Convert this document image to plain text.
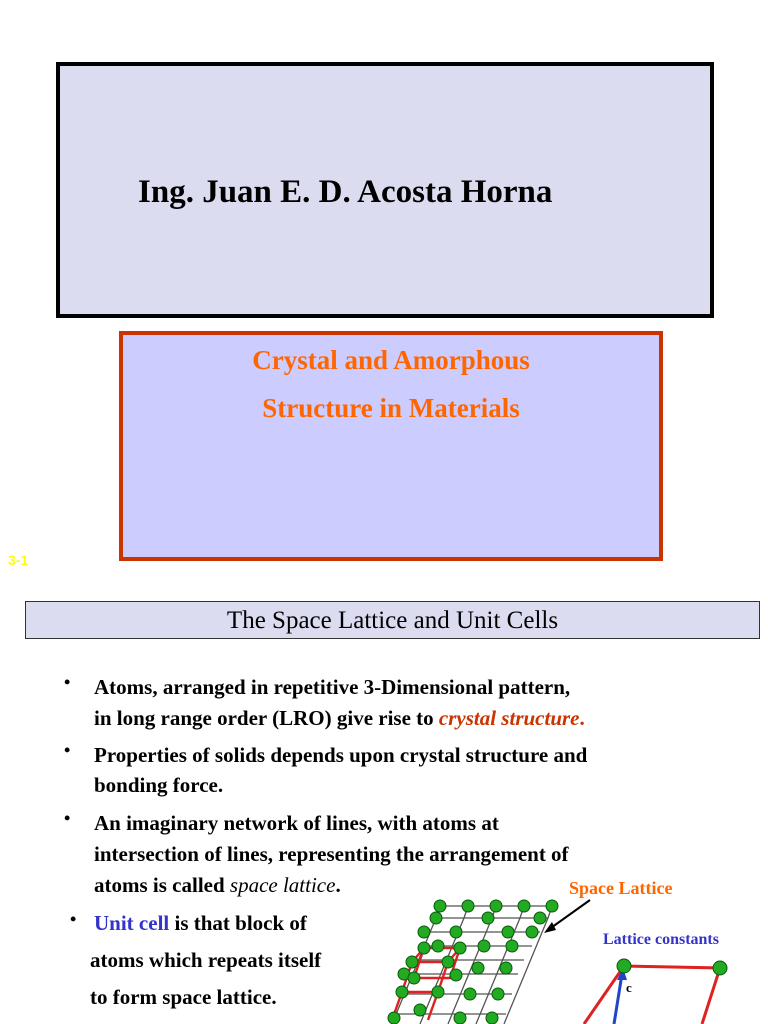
Ing. Juan E. D. Acosta Horna
Crystal and Amorphous
Structure in Materials
3-1
The Space Lattice and Unit Cells
• Atoms, arranged in repetitive 3-Dimensional pattern,
in long range order (LRO) give rise to crystal structure.
• Properties of solids depends upon crystal structure and
bonding force.
• An imaginary network of lines, with atoms at
intersection of lines, representing the arrangement of
atoms is called space lattice.
• Unit cell is that block of
atoms which repeats itself
to form space lattice.
Space Lattice
Lattice constants
c
